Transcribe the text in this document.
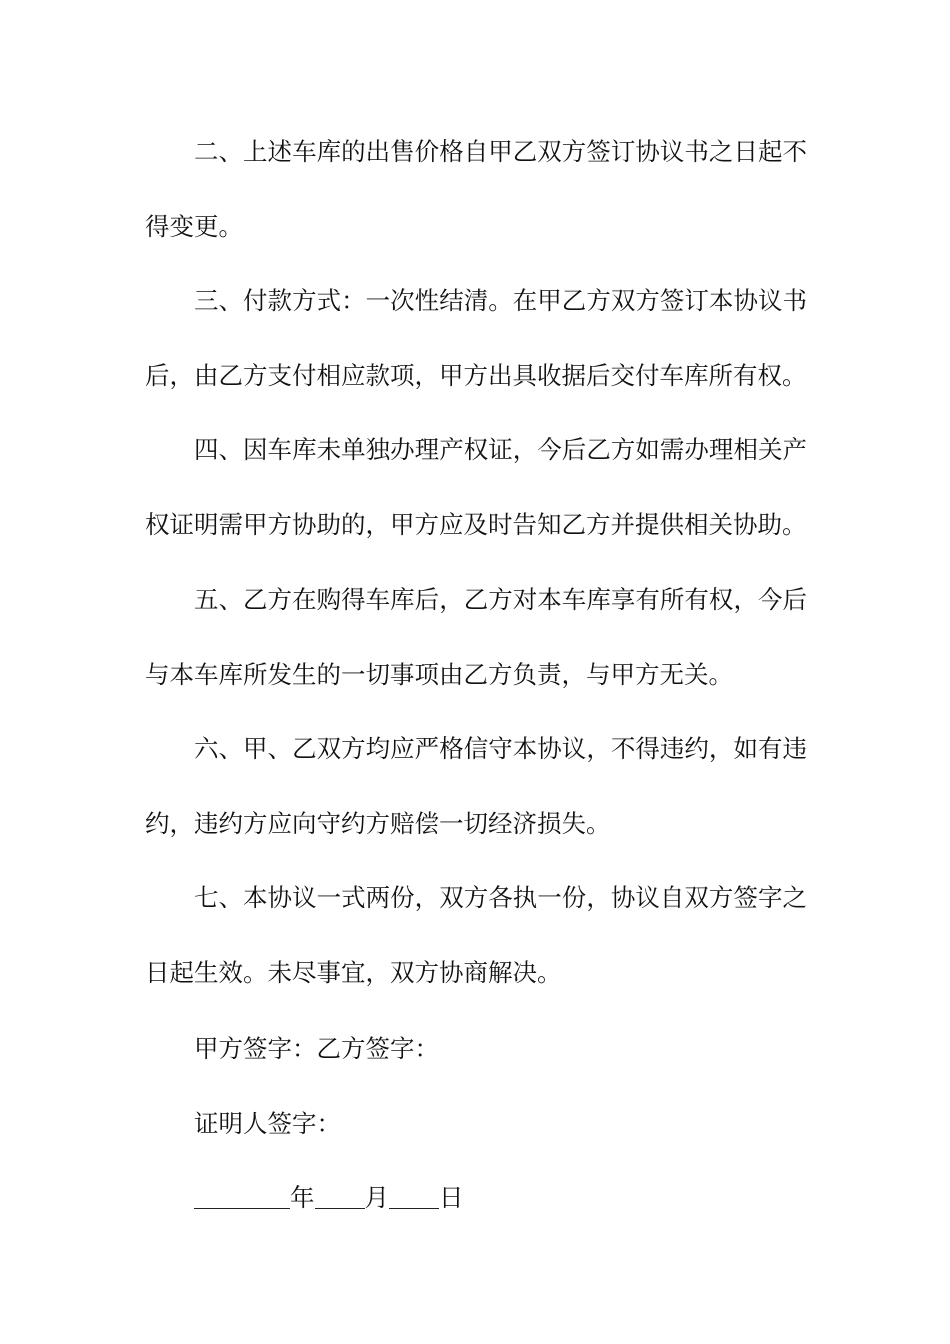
二、上述车库的出售价格自甲乙双方签订协议书之日起不得变更。

三、付款方式：一次性结清。在甲乙方双方签订本协议书后，由乙方支付相应款项，甲方出具收据后交付车库所有权。

四、因车库未单独办理产权证，今后乙方如需办理相关产权证明需甲方协助的，甲方应及时告知乙方并提供相关协助。

五、乙方在购得车库后，乙方对本车库享有所有权，今后与本车库所发生的一切事项由乙方负责，与甲方无关。

六、甲、乙双方均应严格信守本协议，不得违约，如有违约，违约方应向守约方赔偿一切经济损失。

七、本协议一式两份，双方各执一份，协议自双方签字之日起生效。未尽事宜，双方协商解决。

甲方签字：乙方签字：

证明人签字：

年 月 日
